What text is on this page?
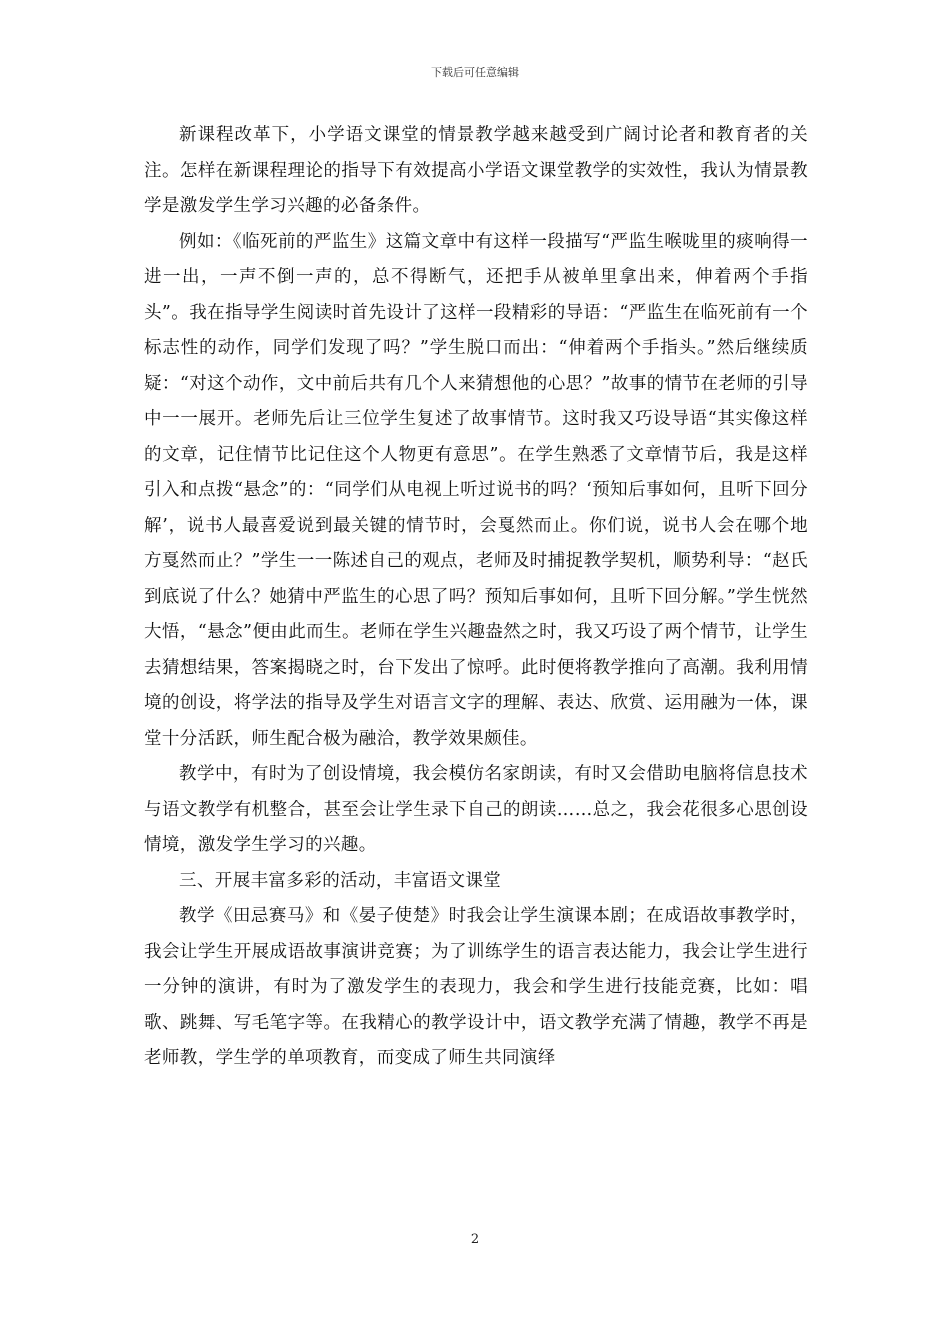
下载后可任意编辑

新课程改革下，小学语文课堂的情景教学越来越受到广阔讨论者和教育者的关注。怎样在新课程理论的指导下有效提高小学语文课堂教学的实效性，我认为情景教学是激发学生学习兴趣的必备条件。

例如：《临死前的严监生》这篇文章中有这样一段描写“严监生喉咙里的痰响得一进一出，一声不倒一声的，总不得断气，还把手从被单里拿出来，伸着两个手指头”。我在指导学生阅读时首先设计了这样一段精彩的导语：“严监生在临死前有一个标志性的动作，同学们发现了吗？”学生脱口而出：“伸着两个手指头。”然后继续质疑：“对这个动作，文中前后共有几个人来猜想他的心思？”故事的情节在老师的引导中一一展开。老师先后让三位学生复述了故事情节。这时我又巧设导语“其实像这样的文章，记住情节比记住这个人物更有意思”。在学生熟悉了文章情节后，我是这样引入和点拨“悬念”的：“同学们从电视上听过说书的吗？‘预知后事如何，且听下回分解’，说书人最喜爱说到最关键的情节时，会戛然而止。你们说，说书人会在哪个地方戛然而止？”学生一一陈述自己的观点，老师及时捕捉教学契机，顺势利导：“赵氏到底说了什么？她猜中严监生的心思了吗？预知后事如何，且听下回分解。”学生恍然大悟，“悬念”便由此而生。老师在学生兴趣盎然之时，我又巧设了两个情节，让学生去猜想结果，答案揭晓之时，台下发出了惊呼。此时便将教学推向了高潮。我利用情境的创设，将学法的指导及学生对语言文字的理解、表达、欣赏、运用融为一体，课堂十分活跃，师生配合极为融洽，教学效果颇佳。

教学中，有时为了创设情境，我会模仿名家朗读，有时又会借助电脑将信息技术与语文教学有机整合，甚至会让学生录下自己的朗读……总之，我会花很多心思创设情境，激发学生学习的兴趣。

三、开展丰富多彩的活动，丰富语文课堂

教学《田忌赛马》和《晏子使楚》时我会让学生演课本剧；在成语故事教学时，我会让学生开展成语故事演讲竞赛；为了训练学生的语言表达能力，我会让学生进行一分钟的演讲，有时为了激发学生的表现力，我会和学生进行技能竞赛，比如：唱歌、跳舞、写毛笔字等。在我精心的教学设计中，语文教学充满了情趣，教学不再是老师教，学生学的单项教育，而变成了师生共同演绎

2
